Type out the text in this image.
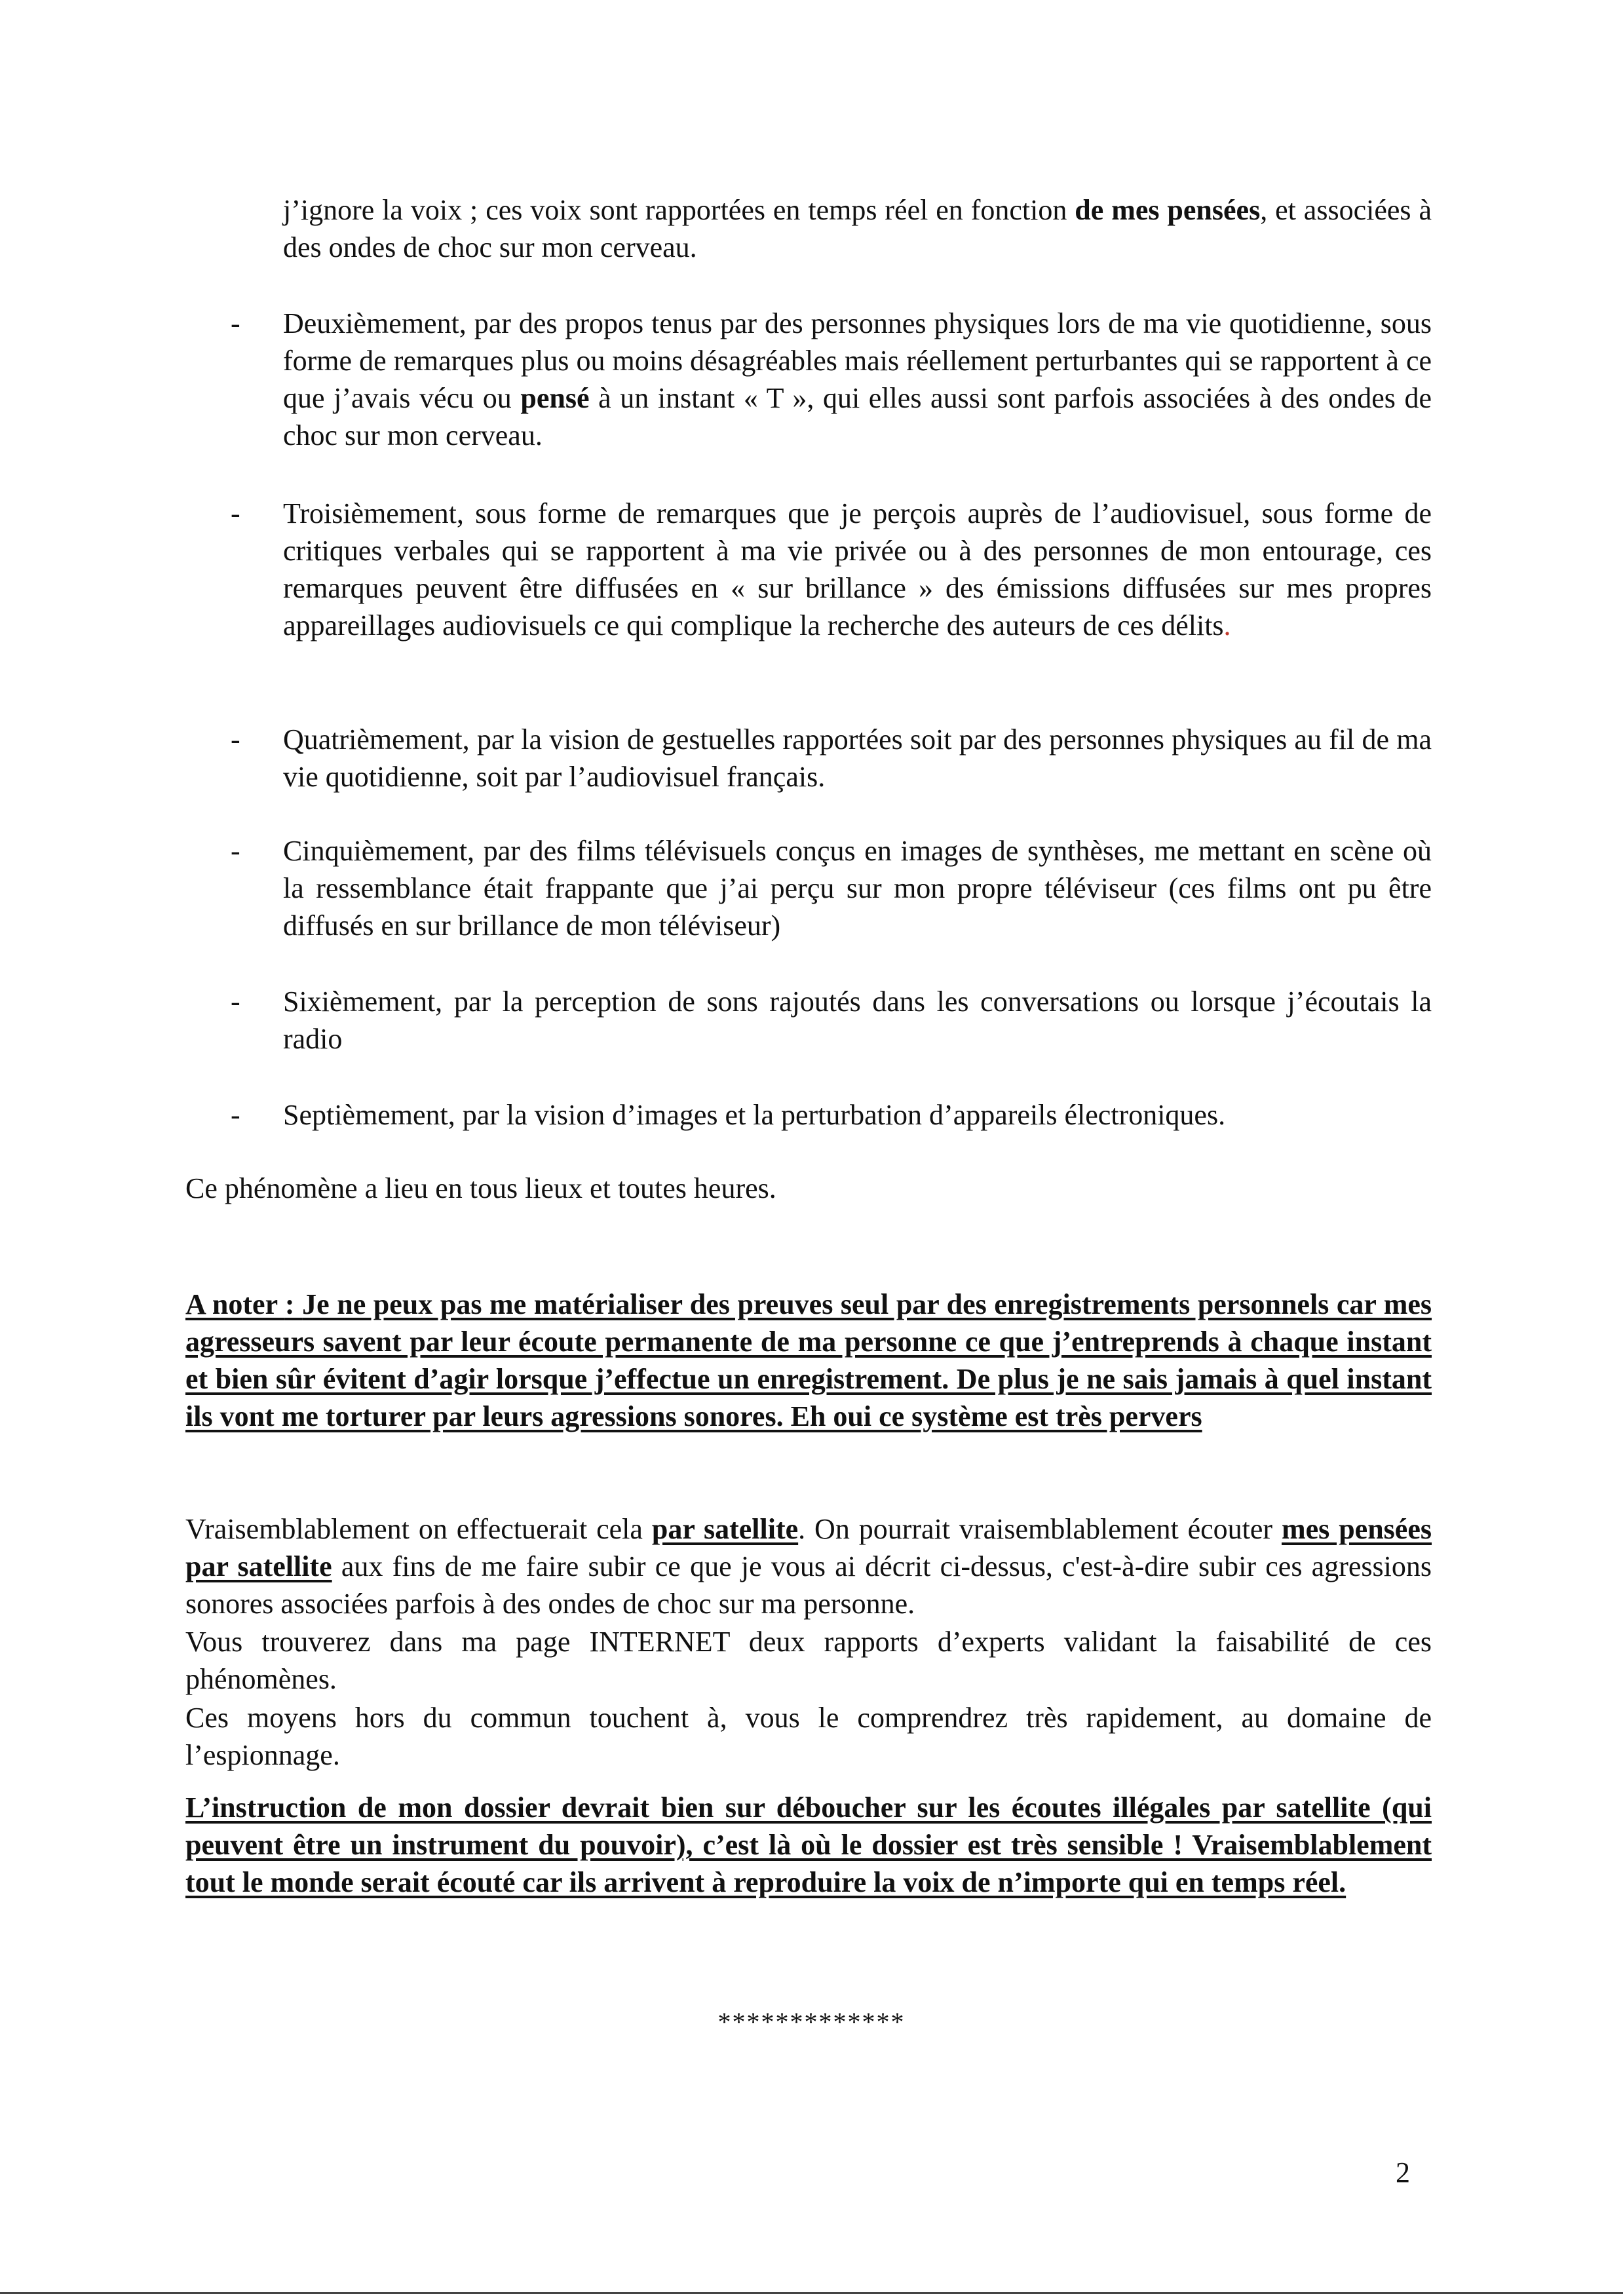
j’ignore la voix ; ces voix sont rapportées en temps réel en fonction de mes pensées, et associées à des ondes de choc sur mon cerveau.

-	Deuxièmement, par des propos tenus par des personnes physiques lors de ma vie quotidienne, sous forme de remarques plus ou moins désagréables mais réellement perturbantes qui se rapportent à ce que j’avais vécu ou pensé à un instant « T », qui elles aussi sont parfois associées à des ondes de choc sur mon cerveau.

-	Troisièmement, sous forme de remarques que je perçois auprès de l’audiovisuel, sous forme de critiques verbales qui se rapportent à ma vie privée ou à des personnes de mon entourage, ces remarques peuvent être diffusées en « sur brillance » des émissions diffusées sur mes propres appareillages audiovisuels ce qui complique la recherche des auteurs de ces délits.

-	Quatrièmement, par la vision de gestuelles rapportées soit par des personnes physiques au fil de ma vie quotidienne, soit par l’audiovisuel français.

-	Cinquièmement, par des films télévisuels conçus en images de synthèses, me mettant en scène où la ressemblance était frappante que j’ai perçu sur mon propre téléviseur (ces films ont pu être diffusés en sur brillance de mon téléviseur)

-	Sixièmement, par la perception de sons rajoutés dans les conversations ou lorsque j’écoutais la radio

-	Septièmement, par la vision d’images et la perturbation d’appareils électroniques.

Ce phénomène a lieu en tous lieux et toutes heures.

A noter : Je ne peux pas me matérialiser des preuves seul par des enregistrements personnels car mes agresseurs savent par leur écoute permanente de ma personne ce que j’entreprends à chaque instant et bien sûr évitent d’agir lorsque j’effectue un enregistrement. De plus je ne sais jamais à quel instant ils vont me torturer par leurs agressions sonores. Eh oui ce système est très pervers

Vraisemblablement on effectuerait cela par satellite. On pourrait vraisemblablement écouter mes pensées par satellite aux fins de me faire subir ce que je vous ai décrit ci-dessus, c'est-à-dire subir ces agressions sonores associées parfois à des ondes de choc sur ma personne.

Vous trouverez dans ma page INTERNET deux rapports d’experts validant la faisabilité de ces phénomènes.

Ces moyens hors du commun touchent à, vous le comprendrez très rapidement, au domaine de l’espionnage.

L’instruction de mon dossier devrait bien sur déboucher sur les écoutes illégales par satellite (qui peuvent être un instrument du pouvoir), c’est là où le dossier est très sensible ! Vraisemblablement tout le monde serait écouté car ils arrivent à reproduire la voix de n’importe qui en temps réel.

*************
2
